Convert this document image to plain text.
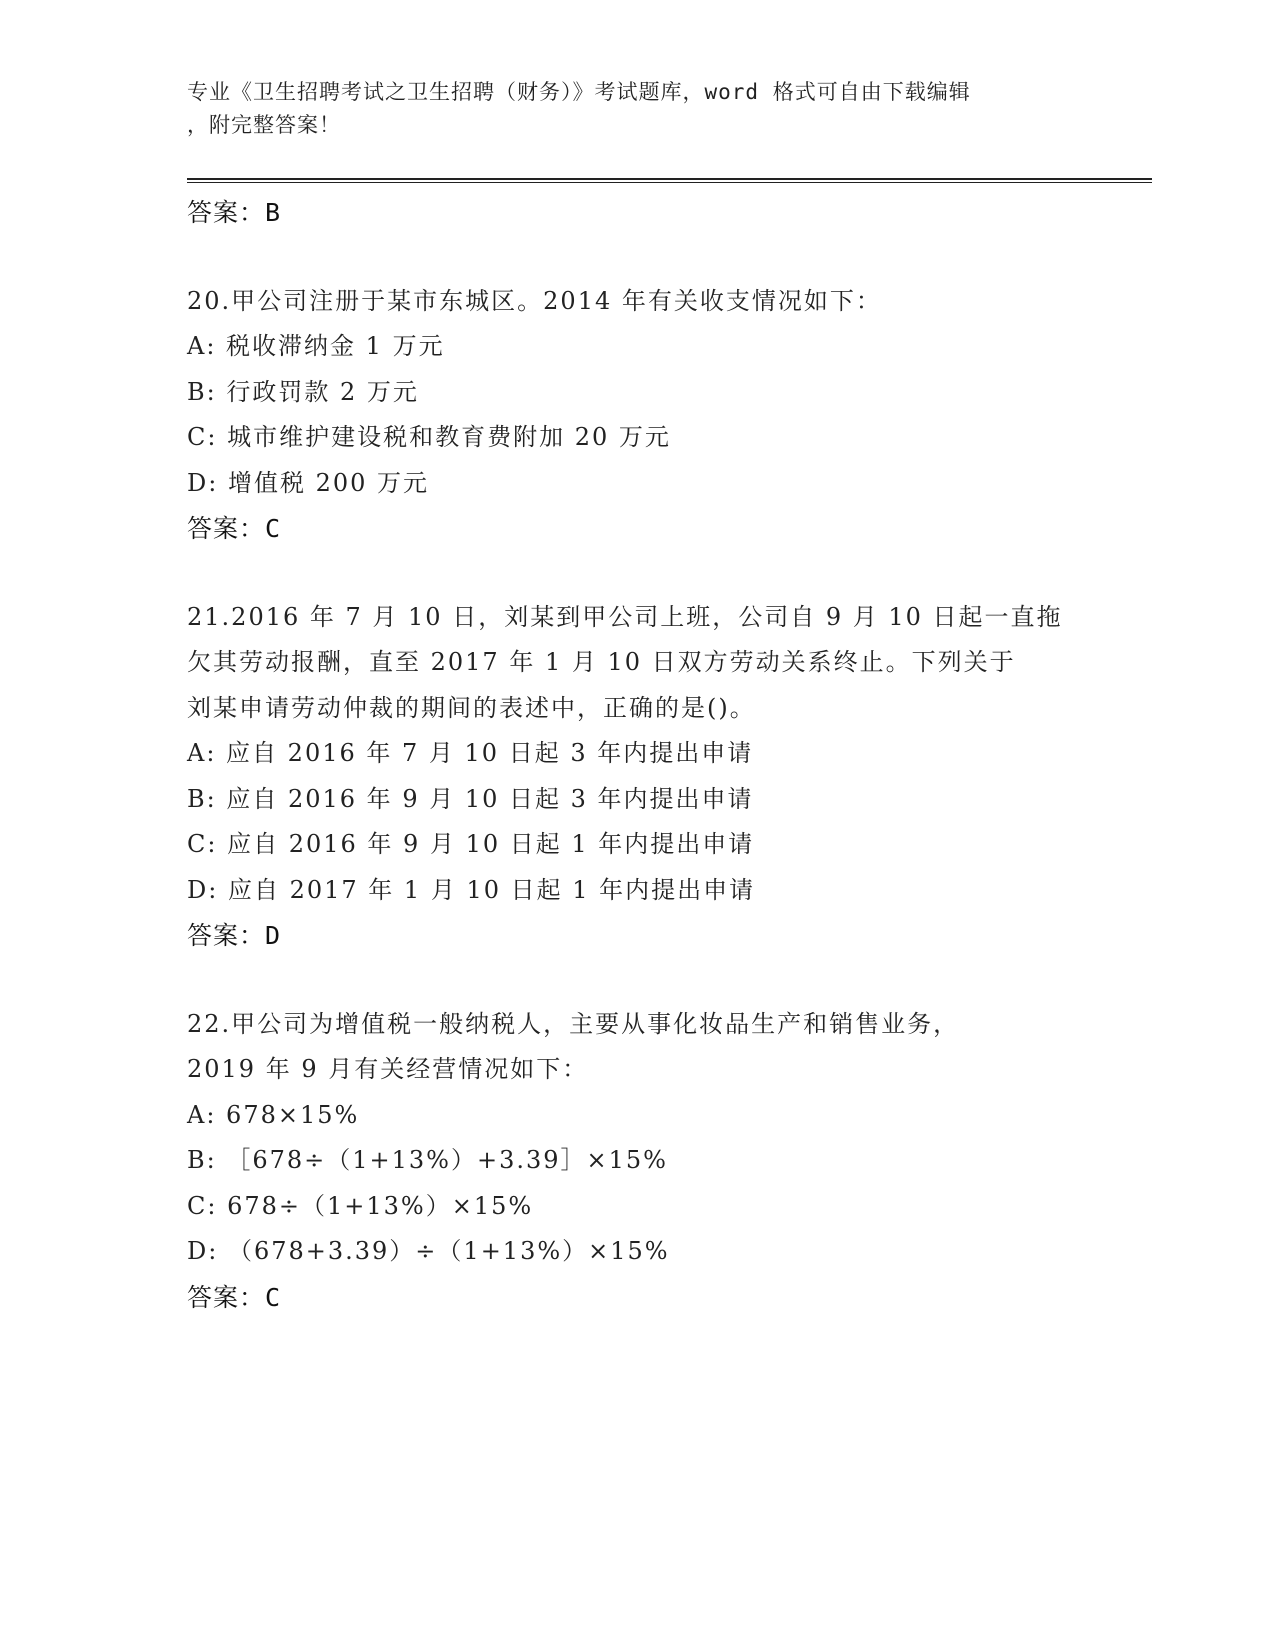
专业《卫生招聘考试之卫生招聘（财务）》考试题库，word 格式可自由下载编辑
，附完整答案！
答案：B
20.甲公司注册于某市东城区。2014 年有关收支情况如下：
A: 税收滞纳金 1 万元
B: 行政罚款 2 万元
C: 城市维护建设税和教育费附加 20 万元
D: 增值税 200 万元
答案：C
21.2016 年 7 月 10 日，刘某到甲公司上班，公司自 9 月 10 日起一直拖
欠其劳动报酬，直至 2017 年 1 月 10 日双方劳动关系终止。下列关于
刘某申请劳动仲裁的期间的表述中，正确的是()。
A: 应自 2016 年 7 月 10 日起 3 年内提出申请
B: 应自 2016 年 9 月 10 日起 3 年内提出申请
C: 应自 2016 年 9 月 10 日起 1 年内提出申请
D: 应自 2017 年 1 月 10 日起 1 年内提出申请
答案：D
22.甲公司为增值税一般纳税人，主要从事化妆品生产和销售业务，
2019 年 9 月有关经营情况如下：
A: 678×15%
B: ［678÷（1+13%）+3.39］×15%
C: 678÷（1+13%）×15%
D: （678+3.39）÷（1+13%）×15%
答案：C
